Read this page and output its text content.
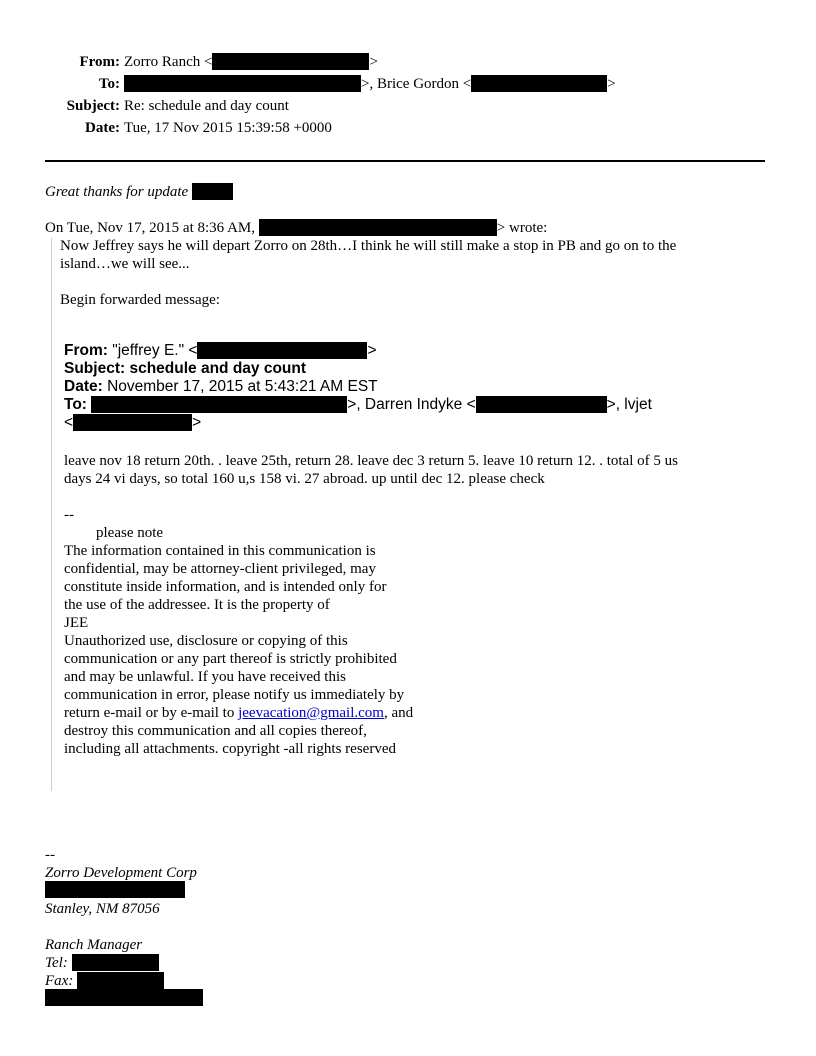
From: Zorro Ranch <	>
To:	>, Brice Gordon <	>
Subject: Re: schedule and day count
Date: Tue, 17 Nov 2015 15:39:58 +0000
Great thanks for update
On Tue, Nov 17, 2015 at 8:36 AM,	> wrote:
Now Jeffrey says he will depart Zorro on 28th…I think he will still make a stop in PB and go on to the
island…we will see...
Begin forwarded message:
From: "jeffrey E." <	>
Subject: schedule and day count
Date: November 17, 2015 at 5:43:21 AM EST
To:	>, Darren Indyke <	>, lvjet
<	>
leave nov 18 return 20th. . leave 25th, return 28. leave dec 3 return 5. leave 10 return 12. . total of 5 us
days 24 vi days, so total 160 u,s 158 vi. 27 abroad. up until dec 12. please check
--
please note
The information contained in this communication is
confidential, may be attorney-client privileged, may
constitute inside information, and is intended only for
the use of the addressee. It is the property of
JEE
Unauthorized use, disclosure or copying of this
communication or any part thereof is strictly prohibited
and may be unlawful. If you have received this
communication in error, please notify us immediately by
return e-mail or by e-mail to jeevacation@gmail.com, and
destroy this communication and all copies thereof,
including all attachments. copyright -all rights reserved
--
Zorro Development Corp
Stanley, NM 87056
Ranch Manager
Tel:
Fax:
